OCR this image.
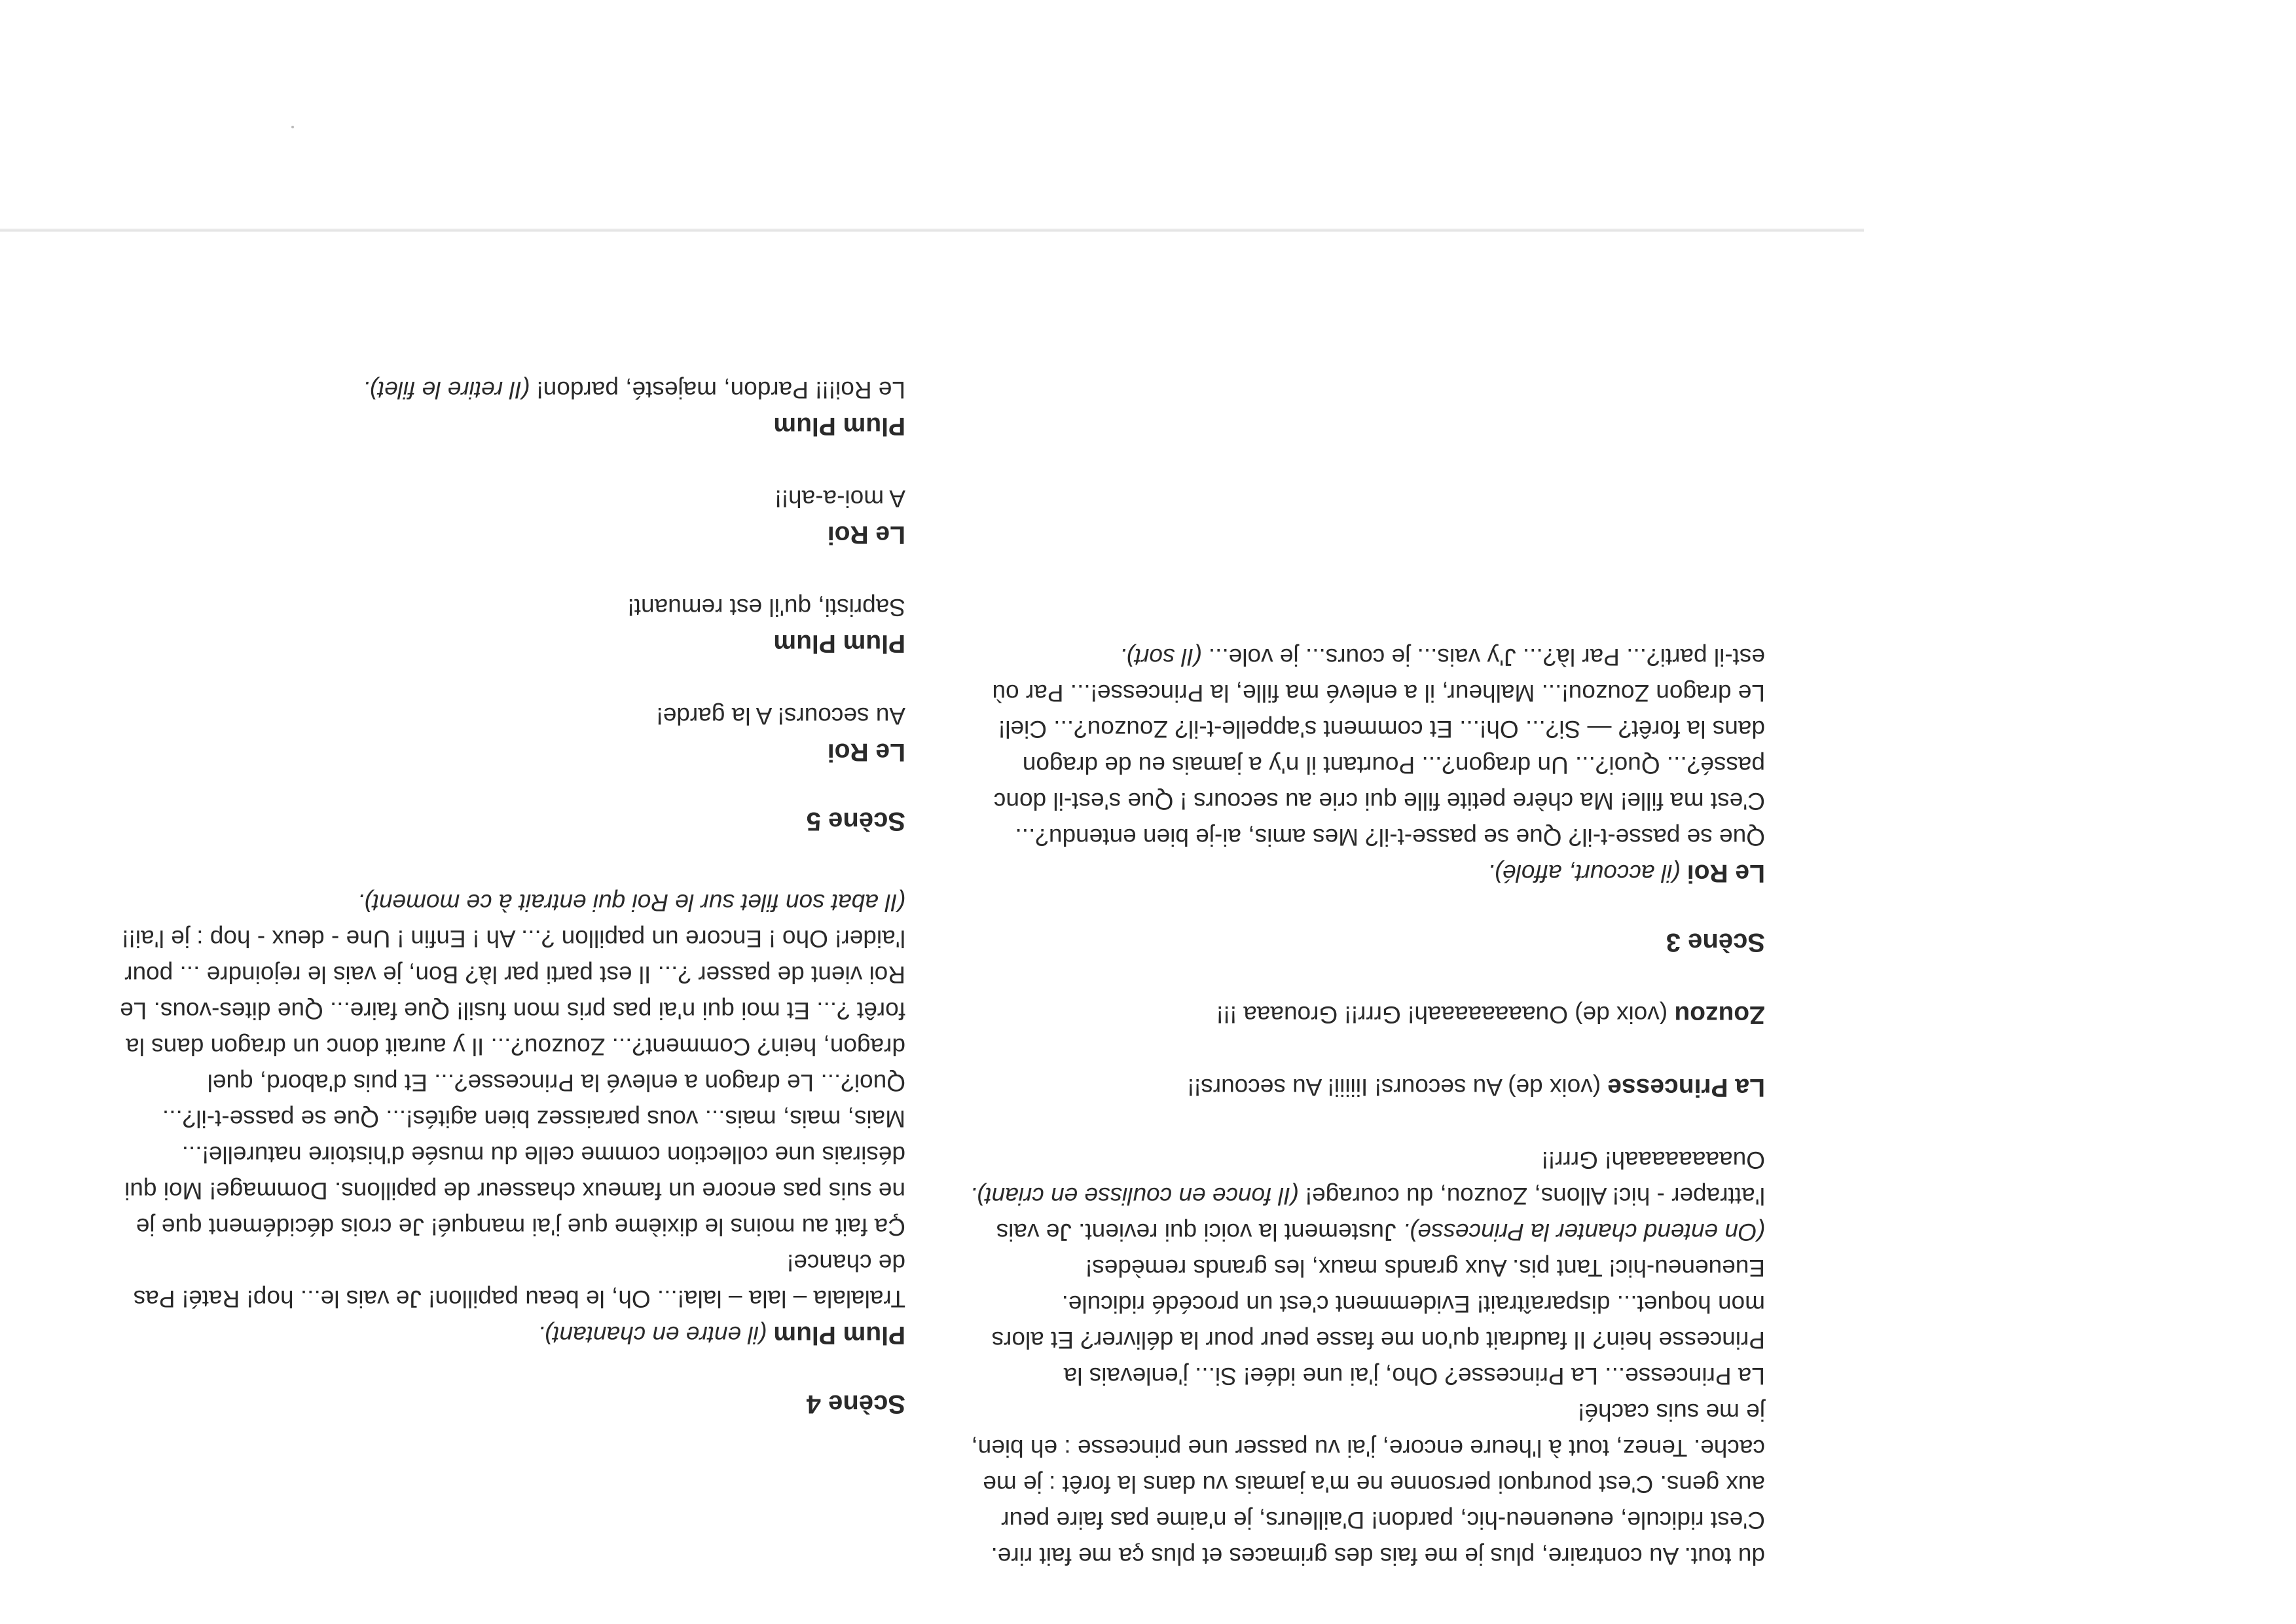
du tout. Au contraire, plus je me fais des grimaces et plus ça me fait rire. C'est ridicule, eueueneu-hic, pardon! D'ailleurs, je n'aime pas faire peur aux gens. C'est pourquoi personne ne m'a jamais vu dans la forêt : je me cache. Tenez, tout à l'heure encore, j'ai vu passer une princesse : eh bien, je me suis caché!

La Princesse... La Princesse? Oho, j'ai une idée! Si... j'enlevais la Princesse hein? Il faudrait qu'on me fasse peur pour la délivrer? Et alors mon hoquet... disparaîtrait! Evidemment c'est un procédé ridicule. Eueueneu-hic! Tant pis. Aux grands maux, les grands remèdes!

(On entend chanter la Princesse). Justement la voici qui revient. Je vais l'attraper - hic! Allons, Zouzou, du courage! (Il fonce en coulisse en criant). Ouaaaaaaaah! Grrr!!

La Princesse (voix de) Au secours! Iiiiii! Au secours!!

Zouzou (voix de) Ouaaaaaaaah! Grrr!! Grouaaa !!!

Scène 3

Le Roi (il accourt, affolé).

Que se passe-t-il? Que se passe-t-il? Mes amis, ai-je bien entendu?... C'est ma fille! Ma chère petite fille qui crie au secours ! Que s'est-il donc passé?... Quoi?... Un dragon?... Pourtant il n'y a jamais eu de dragon dans la forêt? — Si?... Oh!... Et comment s'appelle-t-il? Zouzou?... Ciel! Le dragon Zouzou!... Malheur, il a enlevé ma fille, la Princesse!... Par où est-il parti?... Par là?... J'y vais... je cours... je vole... (Il sort).

Scène 4

Plum Plum (il entre en chantant).

Tralalala – lala – lala!... Oh, le beau papillon! Je vais le... hop! Raté! Pas de chance!

Ça fait au moins le dixième que j'ai manqué! Je crois décidément que je ne suis pas encore un fameux chasseur de papillons. Dommage! Moi qui désirais une collection comme celle du musée d'histoire naturelle!... Mais, mais, mais... vous paraissez bien agités!... Que se passe-t-il?... Quoi?... Le dragon a enlevé la Princesse?... Et puis d'abord, quel dragon, hein? Comment?... Zouzou?... Il y aurait donc un dragon dans la forêt ?... Et moi qui n'ai pas pris mon fusil! Que faire... Que dites-vous. Le Roi vient de passer ?... Il est parti par là? Bon, je vais le rejoindre ... pour l'aider! Oho ! Encore un papillon ?... Ah ! Enfin ! Une - deux - hop : je l'ai!!

(Il abat son filet sur le Roi qui entrait à ce moment).

Scène 5

Le Roi

Au secours! A la garde!

Plum Plum

Sapristi, qu'il est remuant!

Le Roi

A moi-a-ah!!

Plum Plum

Le Roi!!! Pardon, majesté, pardon! (Il retire le filet).
